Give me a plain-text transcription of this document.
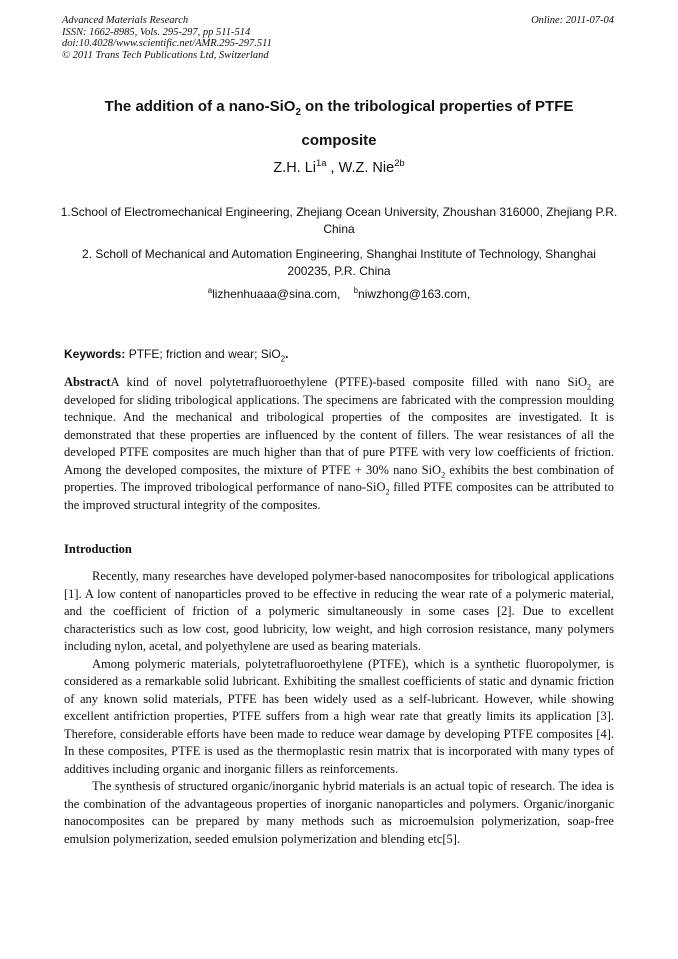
Advanced Materials Research
ISSN: 1662-8985, Vols. 295-297, pp 511-514
doi:10.4028/www.scientific.net/AMR.295-297.511
© 2011 Trans Tech Publications Ltd, Switzerland
Online: 2011-07-04
The addition of a nano-SiO$_2$ on the tribological properties of PTFE
composite
Z.H. $Li^{1a}$ , W.Z. Nie$^{2b}$
1.School of Electromechanical Engineering, Zhejiang Ocean University, Zhoushan 316000, Zhejiang P.R. China
2. Scholl of Mechanical and Automation Engineering, Shanghai Institute of Technology, Shanghai 200235, P.R. China
$^a$lizhenhuaaa@sina.com, $^b$niwzhong@163.com,
Keywords: PTFE; friction and wear; SiO$_2$.
AbstractA kind of novel polytetrafluoroethylene (PTFE)-based composite filled with nano SiO$_2$ are developed for sliding tribological applications. The specimens are fabricated with the compression moulding technique. And the mechanical and tribological properties of the composites are investigated. It is demonstrated that these properties are influenced by the content of fillers. The wear resistances of all the developed PTFE composites are much higher than that of pure PTFE with very low coefficients of friction. Among the developed composites, the mixture of PTFE + 30% nano SiO$_2$ exhibits the best combination of properties. The improved tribological performance of nano-SiO$_2$ filled PTFE composites can be attributed to the improved structural integrity of the composites.
Introduction

Recently, many researches have developed polymer-based nanocomposites for tribological applications [1]. A low content of nanoparticles proved to be effective in reducing the wear rate of a polymeric material, and the coefficient of friction of a polymeric simultaneously in some cases [2]. Due to excellent characteristics such as low cost, good lubricity, low weight, and high corrosion resistance, many polymers including nylon, acetal, and polyethylene are used as bearing materials.

Among polymeric materials, polytetrafluoroethylene (PTFE), which is a synthetic fluoropolymer, is considered as a remarkable solid lubricant. Exhibiting the smallest coefficients of static and dynamic friction of any known solid materials, PTFE has been widely used as a self-lubricant. However, while showing excellent antifriction properties, PTFE suffers from a high wear rate that greatly limits its application [3]. Therefore, considerable efforts have been made to reduce wear damage by developing PTFE composites [4]. In these composites, PTFE is used as the thermoplastic resin matrix that is incorporated with many types of additives including organic and inorganic fillers as reinforcements.

The synthesis of structured organic/inorganic hybrid materials is an actual topic of research. The idea is the combination of the advantageous properties of inorganic nanoparticles and polymers. Organic/inorganic nanocomposites can be prepared by many methods such as microemulsion polymerization, soap-free emulsion polymerization, seeded emulsion polymerization and blending etc[5].
